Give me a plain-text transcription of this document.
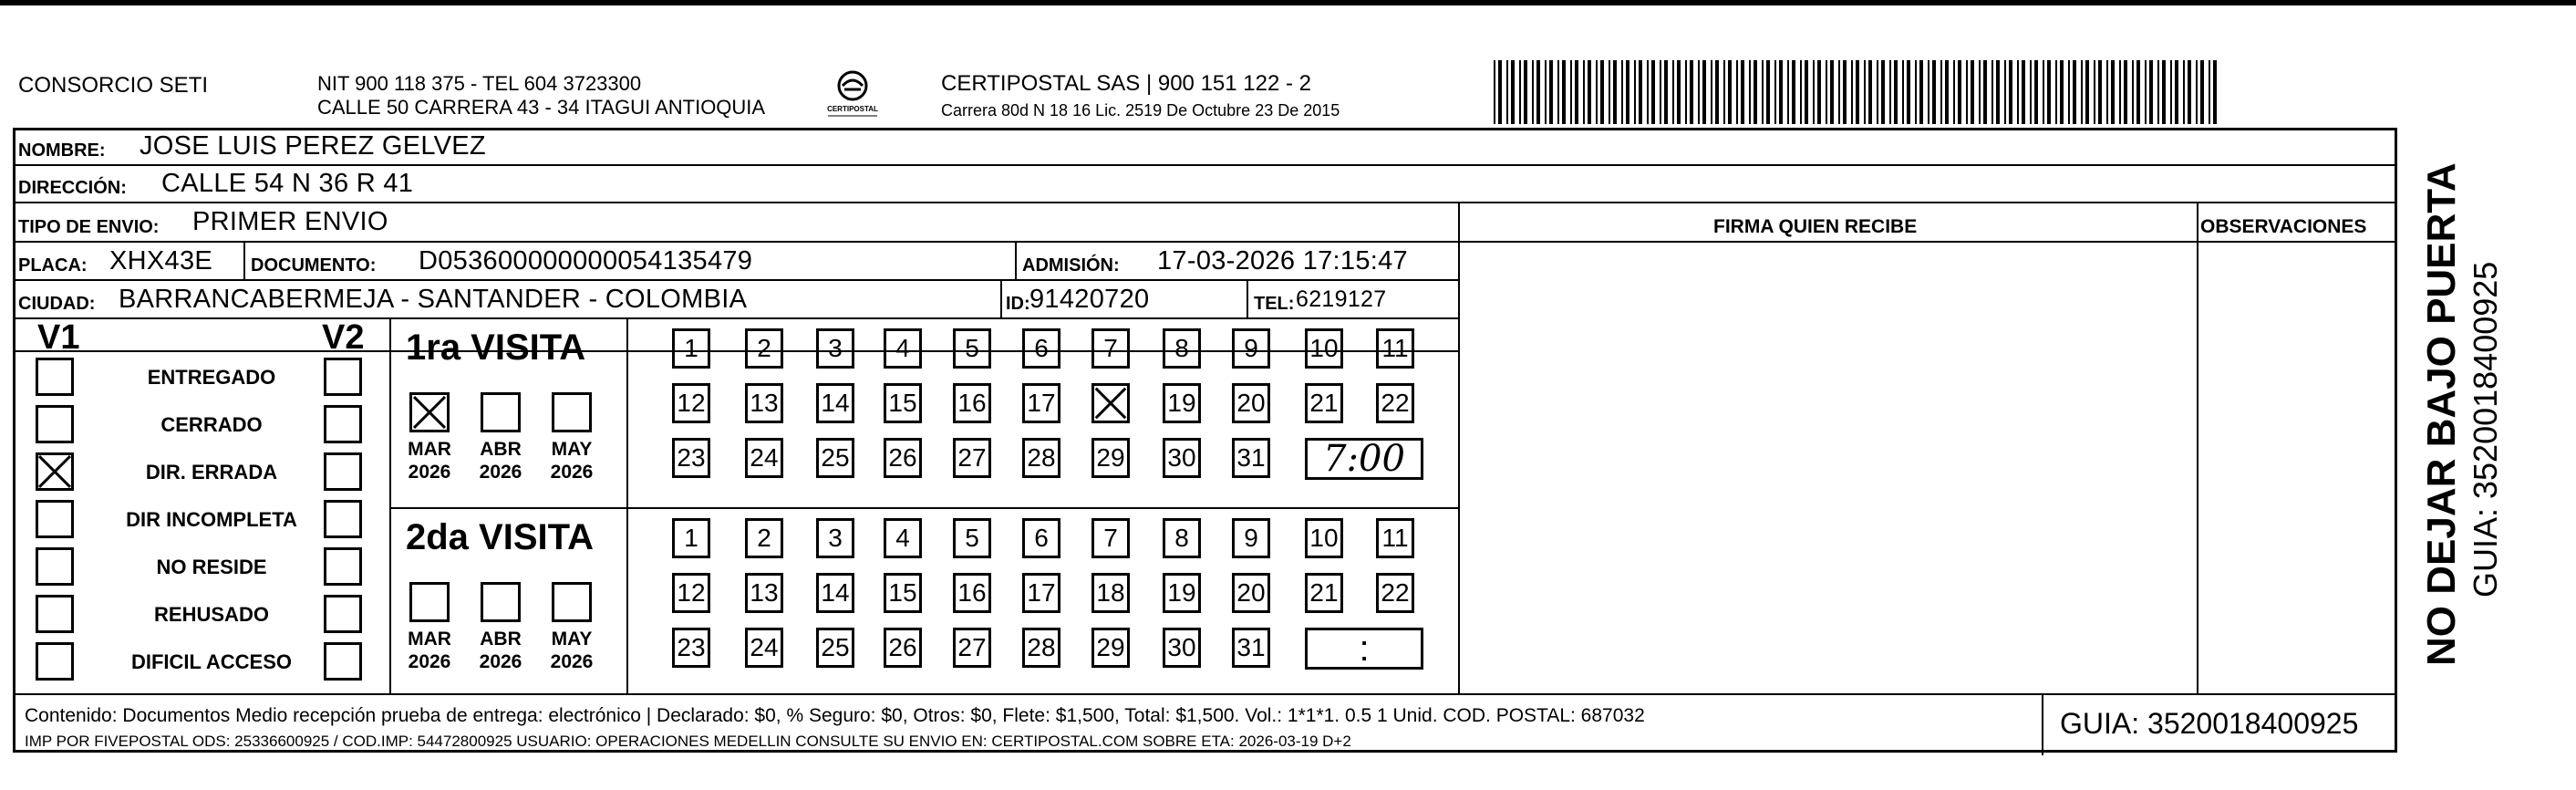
CONSORCIO SETI	NIT 900 118 375 - TEL 604 3723300
CALLE 50 CARRERA 43 - 34 ITAGUI ANTIOQUIA	CERTIPOSTAL
CERTIPOSTAL SAS | 900 151 122 - 2
Carrera 80d N 18 16 Lic. 2519 De Octubre 23 De 2015
NOMBRE: JOSE LUIS PEREZ GELVEZ
DIRECCIÓN: CALLE 54 N 36 R 41
TIPO DE ENVIO: PRIMER ENVIO	FIRMA QUIEN RECIBE	OBSERVACIONES
PLACA: XHX43E DOCUMENTO: D053600000000054135479	ADMISIÓN: 17-03-2026 17:15:47
CIUDAD: BARRANCABERMEJA - SANTANDER - COLOMBIA	ID: 91420720	TEL: 6219127
V1	V2
ENTREGADO
CERRADO
DIR. ERRADA
DIR INCOMPLETA
NO RESIDE
REHUSADO
DIFICIL ACCESO
1ra VISITA
2da VISITA
MAR
2026
ABR
2026
MAY
2026
1	2	3	4	5	6	7	8	9	10 11
12 13 14 15 16 17	19 20 21 22
23 24 25 26 27 28 29 30 31	7:00
MAR
2026
ABR
2026
MAY
2026
1	2	3	4	5	6	7	8	9	10 11
12 13 14 15 16 17 18 19 20 21 22
23 24 25 26 27 28 29 30 31	:
Contenido: Documentos Medio recepción prueba de entrega: electrónico | Declarado: $0, % Seguro: $0, Otros: $0, Flete: $1,500, Total: $1,500. Vol.: 1*1*1. 0.5 1 Unid. COD. POSTAL: 687032
IMP POR FIVEPOSTAL ODS: 25336600925 / COD.IMP: 54472800925 USUARIO: OPERACIONES MEDELLIN CONSULTE SU ENVIO EN: CERTIPOSTAL.COM SOBRE ETA: 2026-03-19 D+2
GUIA: 3520018400925
NO DEJAR BAJO PUERTA GUIA: 3520018400925
